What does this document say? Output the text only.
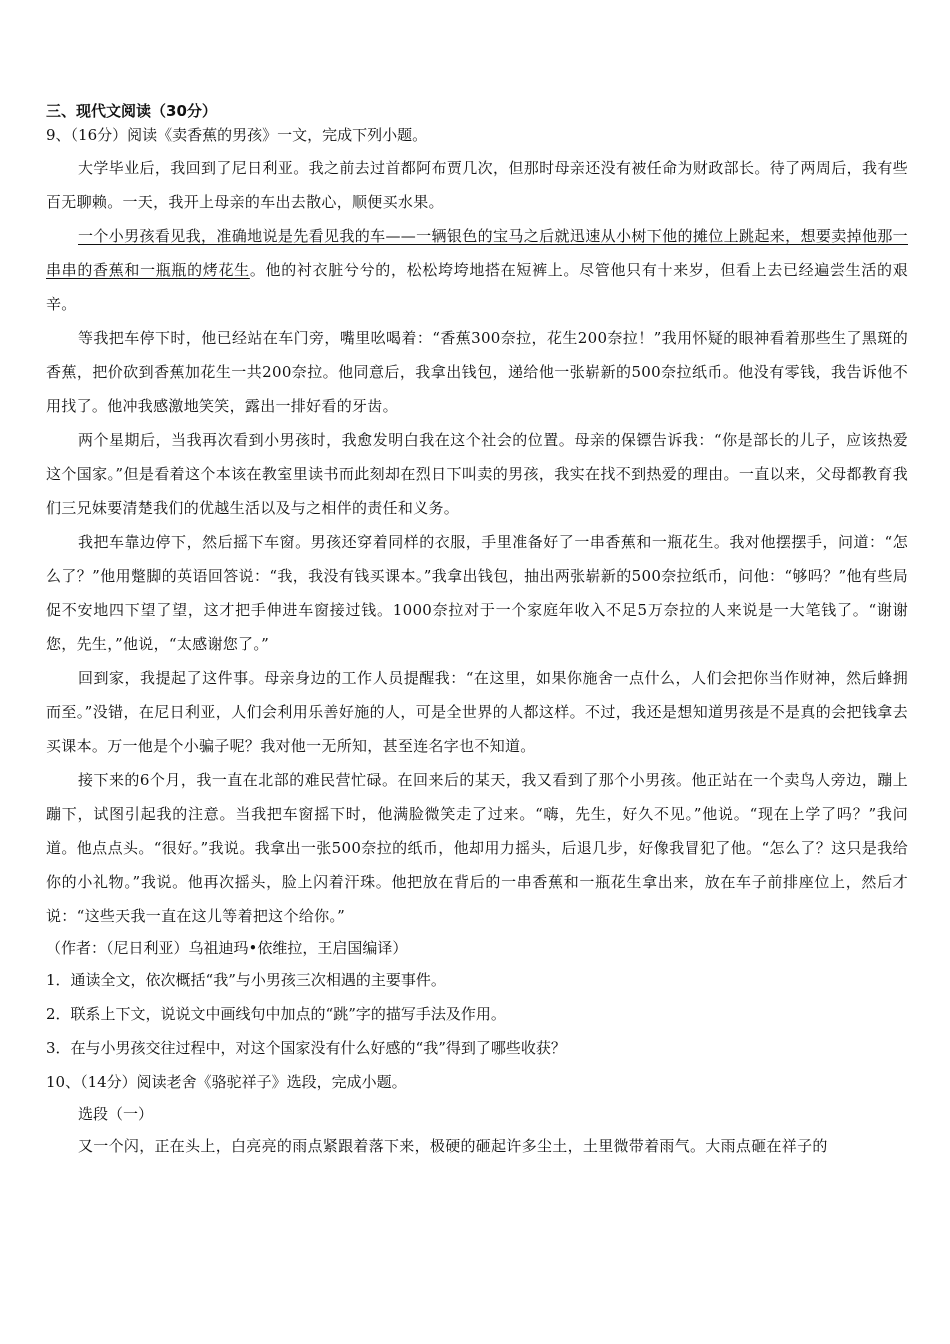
三、现代文阅读（30分）

9、（16分）阅读《卖香蕉的男孩》一文，完成下列小题。

大学毕业后，我回到了尼日利亚。我之前去过首都阿布贾几次，但那时母亲还没有被任命为财政部长。待了两周后，我有些百无聊赖。一天，我开上母亲的车出去散心，顺便买水果。

一个小男孩看见我，准确地说是先看见我的车——一辆银色的宝马之后就迅速从小树下他的摊位上跳起来，想要卖掉他那一串串的香蕉和一瓶瓶的烤花生。他的衬衣脏兮兮的，松松垮垮地搭在短裤上。尽管他只有十来岁，但看上去已经遍尝生活的艰辛。

等我把车停下时，他已经站在车门旁，嘴里吆喝着：“香蕉300奈拉，花生200奈拉！”我用怀疑的眼神看着那些生了黑斑的香蕉，把价砍到香蕉加花生一共200奈拉。他同意后，我拿出钱包，递给他一张崭新的500奈拉纸币。他没有零钱，我告诉他不用找了。他冲我感激地笑笑，露出一排好看的牙齿。

两个星期后，当我再次看到小男孩时，我愈发明白我在这个社会的位置。母亲的保镖告诉我：“你是部长的儿子，应该热爱这个国家。”但是看着这个本该在教室里读书而此刻却在烈日下叫卖的男孩，我实在找不到热爱的理由。一直以来，父母都教育我们三兄妹要清楚我们的优越生活以及与之相伴的责任和义务。

我把车靠边停下，然后摇下车窗。男孩还穿着同样的衣服，手里准备好了一串香蕉和一瓶花生。我对他摆摆手，问道：“怎么了？”他用蹩脚的英语回答说：“我，我没有钱买课本。”我拿出钱包，抽出两张崭新的500奈拉纸币，问他：“够吗？”他有些局促不安地四下望了望，这才把手伸进车窗接过钱。1000奈拉对于一个家庭年收入不足5万奈拉的人来说是一大笔钱了。“谢谢您，先生，”他说，“太感谢您了。”

回到家，我提起了这件事。母亲身边的工作人员提醒我：“在这里，如果你施舍一点什么，人们会把你当作财神，然后蜂拥而至。”没错，在尼日利亚，人们会利用乐善好施的人，可是全世界的人都这样。不过，我还是想知道男孩是不是真的会把钱拿去买课本。万一他是个小骗子呢？我对他一无所知，甚至连名字也不知道。

接下来的6个月，我一直在北部的难民营忙碌。在回来后的某天，我又看到了那个小男孩。他正站在一个卖鸟人旁边，蹦上蹦下，试图引起我的注意。当我把车窗摇下时，他满脸微笑走了过来。“嗨，先生，好久不见。”他说。“现在上学了吗？”我问道。他点点头。“很好。”我说。我拿出一张500奈拉的纸币，他却用力摇头，后退几步，好像我冒犯了他。“怎么了？这只是我给你的小礼物。”我说。他再次摇头，脸上闪着汗珠。他把放在背后的一串香蕉和一瓶花生拿出来，放在车子前排座位上，然后才说：“这些天我一直在这儿等着把这个给你。”

（作者：（尼日利亚）乌祖迪玛•依维拉，王启国编译）

1．通读全文，依次概括“我”与小男孩三次相遇的主要事件。

2．联系上下文，说说文中画线句中加点的“跳”字的描写手法及作用。

3．在与小男孩交往过程中，对这个国家没有什么好感的“我”得到了哪些收获？

10、（14分）阅读老舍《骆驼祥子》选段，完成小题。

选段（一）

又一个闪，正在头上，白亮亮的雨点紧跟着落下来，极硬的砸起许多尘土，土里微带着雨气。大雨点砸在祥子的
